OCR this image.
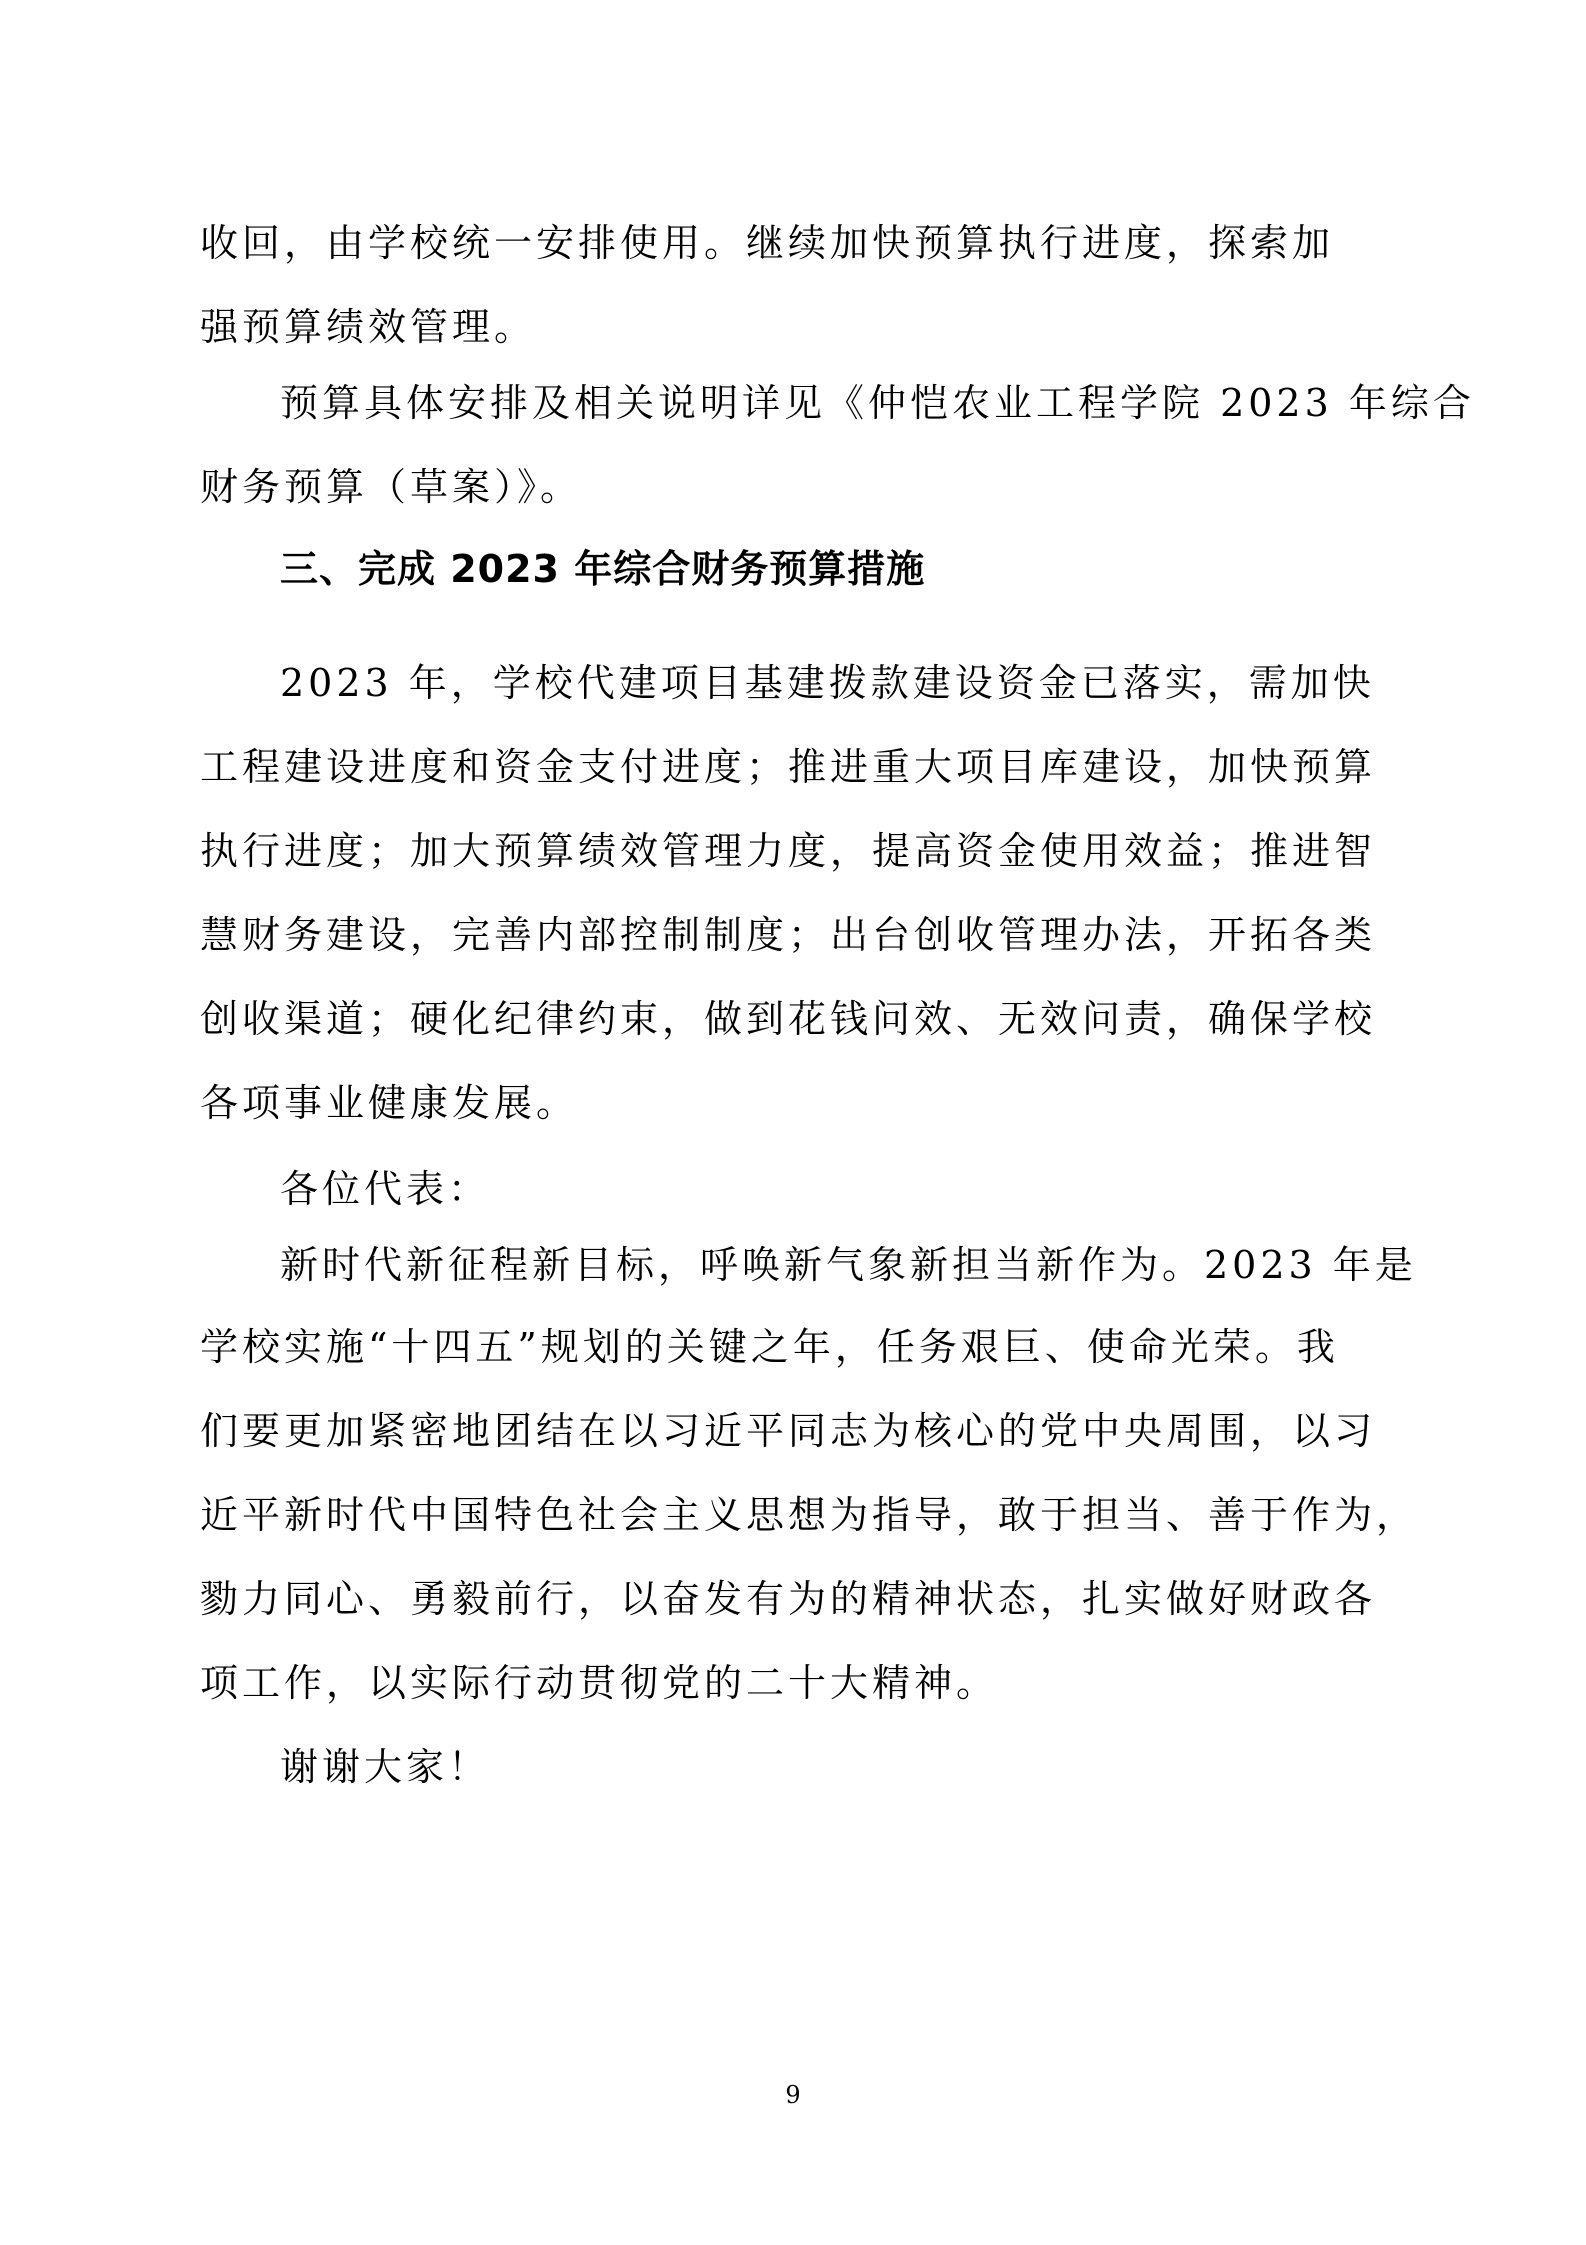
收回，由学校统一安排使用。继续加快预算执行进度，探索加
强预算绩效管理。
预算具体安排及相关说明详见《仲恺农业工程学院 2023 年综合
财务预算（草案）》。
三、完成 2023 年综合财务预算措施
2023 年，学校代建项目基建拨款建设资金已落实，需加快
工程建设进度和资金支付进度；推进重大项目库建设，加快预算
执行进度；加大预算绩效管理力度，提高资金使用效益；推进智
慧财务建设，完善内部控制制度；出台创收管理办法，开拓各类
创收渠道；硬化纪律约束，做到花钱问效、无效问责，确保学校
各项事业健康发展。
各位代表：
新时代新征程新目标，呼唤新气象新担当新作为。2023 年是
学校实施“十四五”规划的关键之年，任务艰巨、使命光荣。我
们要更加紧密地团结在以习近平同志为核心的党中央周围，以习
近平新时代中国特色社会主义思想为指导，敢于担当、善于作为，
勠力同心、勇毅前行，以奋发有为的精神状态，扎实做好财政各
项工作，以实际行动贯彻党的二十大精神。
谢谢大家！
9
